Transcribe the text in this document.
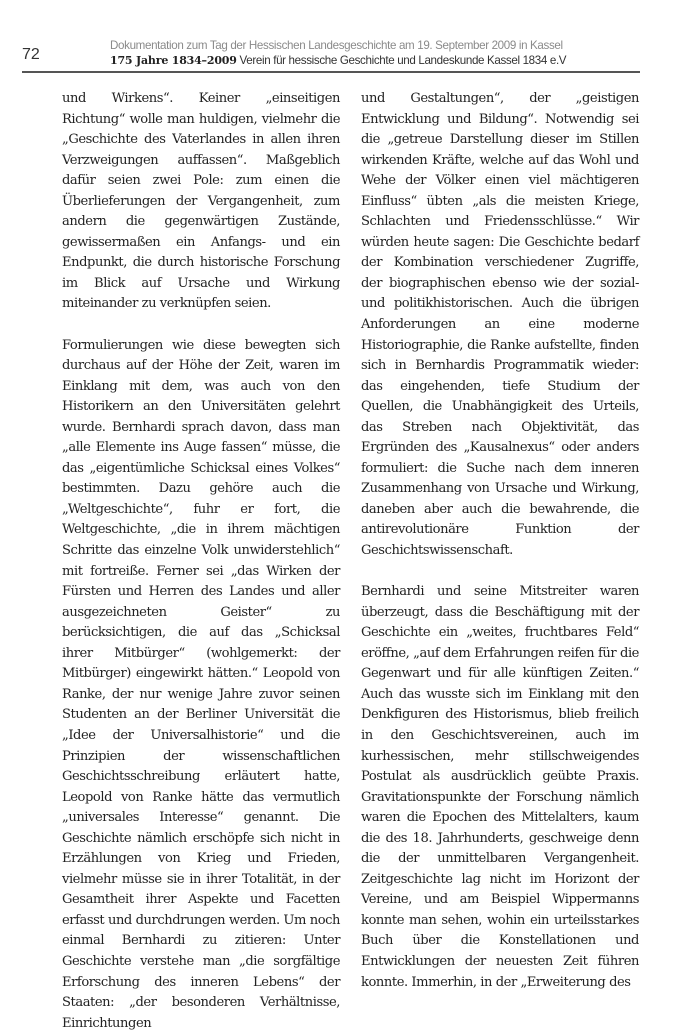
72
Dokumentation zum Tag der Hessischen Landesgeschichte am 19. September 2009 in Kassel
175 Jahre 1834–2009 Verein für hessische Geschichte und Landeskunde Kassel 1834 e.V

und Wirkens“. Keiner „einseitigen Richtung“ wolle man huldigen, vielmehr die „Geschichte des Vaterlandes in allen ihren Verzweigungen auffassen“. Maßgeblich dafür seien zwei Pole: zum einen die Überlieferungen der Vergangenheit, zum andern die gegenwärtigen Zustände, gewissermaßen ein Anfangs- und ein Endpunkt, die durch historische Forschung im Blick auf Ursache und Wirkung miteinander zu verknüpfen seien.

Formulierungen wie diese bewegten sich durchaus auf der Höhe der Zeit, waren im Einklang mit dem, was auch von den Historikern an den Universitäten gelehrt wurde. Bernhardi sprach davon, dass man „alle Elemente ins Auge fassen“ müsse, die das „eigentümliche Schicksal eines Volkes“ bestimmten. Dazu gehöre auch die „Weltgeschichte“, fuhr er fort, die Weltgeschichte, „die in ihrem mächtigen Schritte das einzelne Volk unwiderstehlich“ mit fortreiße. Ferner sei „das Wirken der Fürsten und Herren des Landes und aller ausgezeichneten Geister“ zu berücksichtigen, die auf das „Schicksal ihrer Mitbürger“ (wohlgemerkt: der Mitbürger) eingewirkt hätten.“ Leopold von Ranke, der nur wenige Jahre zuvor seinen Studenten an der Berliner Universität die „Idee der Universalhistorie“ und die Prinzipien der wissenschaftlichen Geschichtsschreibung erläutert hatte, Leopold von Ranke hätte das vermutlich „universales Interesse“ genannt. Die Geschichte nämlich erschöpfe sich nicht in Erzählungen von Krieg und Frieden, vielmehr müsse sie in ihrer Totalität, in der Gesamtheit ihrer Aspekte und Facetten erfasst und durchdrungen werden. Um noch einmal Bernhardi zu zitieren: Unter Geschichte verstehe man „die sorgfältige Erforschung des inneren Lebens“ der Staaten: „der besonderen Verhältnisse, Einrichtungen

und Gestaltungen“, der „geistigen Entwicklung und Bildung“. Notwendig sei die „getreue Darstellung dieser im Stillen wirkenden Kräfte, welche auf das Wohl und Wehe der Völker einen viel mächtigeren Einfluss“ übten „als die meisten Kriege, Schlachten und Friedensschlüsse.“ Wir würden heute sagen: Die Geschichte bedarf der Kombination verschiedener Zugriffe, der biographischen ebenso wie der sozial- und politikhistorischen. Auch die übrigen Anforderungen an eine moderne Historiographie, die Ranke aufstellte, finden sich in Bernhardis Programmatik wieder: das eingehenden, tiefe Studium der Quellen, die Unabhängigkeit des Urteils, das Streben nach Objektivität, das Ergründen des „Kausalnexus“ oder anders formuliert: die Suche nach dem inneren Zusammenhang von Ursache und Wirkung, daneben aber auch die bewahrende, die antirevolutionäre Funktion der Geschichtswissenschaft.

Bernhardi und seine Mitstreiter waren überzeugt, dass die Beschäftigung mit der Geschichte ein „weites, fruchtbares Feld“ eröffne, „auf dem Erfahrungen reifen für die Gegenwart und für alle künftigen Zeiten.“ Auch das wusste sich im Einklang mit den Denkfiguren des Historismus, blieb freilich in den Geschichtsvereinen, auch im kurhessischen, mehr stillschweigendes Postulat als ausdrücklich geübte Praxis. Gravitationspunkte der Forschung nämlich waren die Epochen des Mittelalters, kaum die des 18. Jahrhunderts, geschweige denn die der unmittelbaren Vergangenheit. Zeitgeschichte lag nicht im Horizont der Vereine, und am Beispiel Wippermanns konnte man sehen, wohin ein urteilsstarkes Buch über die Konstellationen und Entwicklungen der neuesten Zeit führen konnte. Immerhin, in der „Erweiterung des
